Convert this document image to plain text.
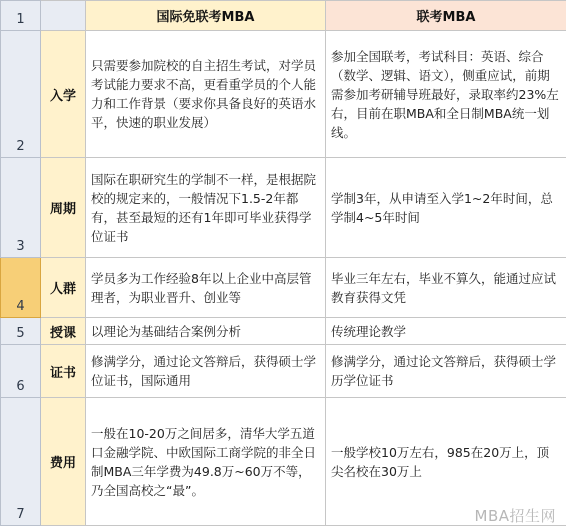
1		国际免联考MBA	联考MBA
2	入学	只需要参加院校的自主招生考试，对学员考试能力要求不高，更看重学员的个人能力和工作背景（要求你具备良好的英语水平，快速的职业发展）	参加全国联考，考试科目：英语、综合（数学、逻辑、语文），侧重应试，前期需参加考研辅导班最好，录取率约23%左右，目前在职MBA和全日制MBA统一划线。
3	周期	国际在职研究生的学制不一样，是根据院校的规定来的，一般情况下1.5-2年都有，甚至最短的还有1年即可毕业获得学位证书	学制3年，从申请至入学1~2年时间，总学制4~5年时间
4	人群	学员多为工作经验8年以上企业中高层管理者，为职业晋升、创业等	毕业三年左右，毕业不算久，能通过应试教育获得文凭
5	授课	以理论为基础结合案例分析	传统理论教学
6	证书	修满学分，通过论文答辩后，获得硕士学位证书，国际通用	修满学分，通过论文答辩后，获得硕士学历学位证书
7	费用	一般在10-20万之间居多，清华大学五道口金融学院、中欧国际工商学院的非全日制MBA三年学费为49.8万~60万不等，乃全国高校之“最”。	一般学校10万左右，985在20万上，顶尖名校在30万上
MBA招生网
